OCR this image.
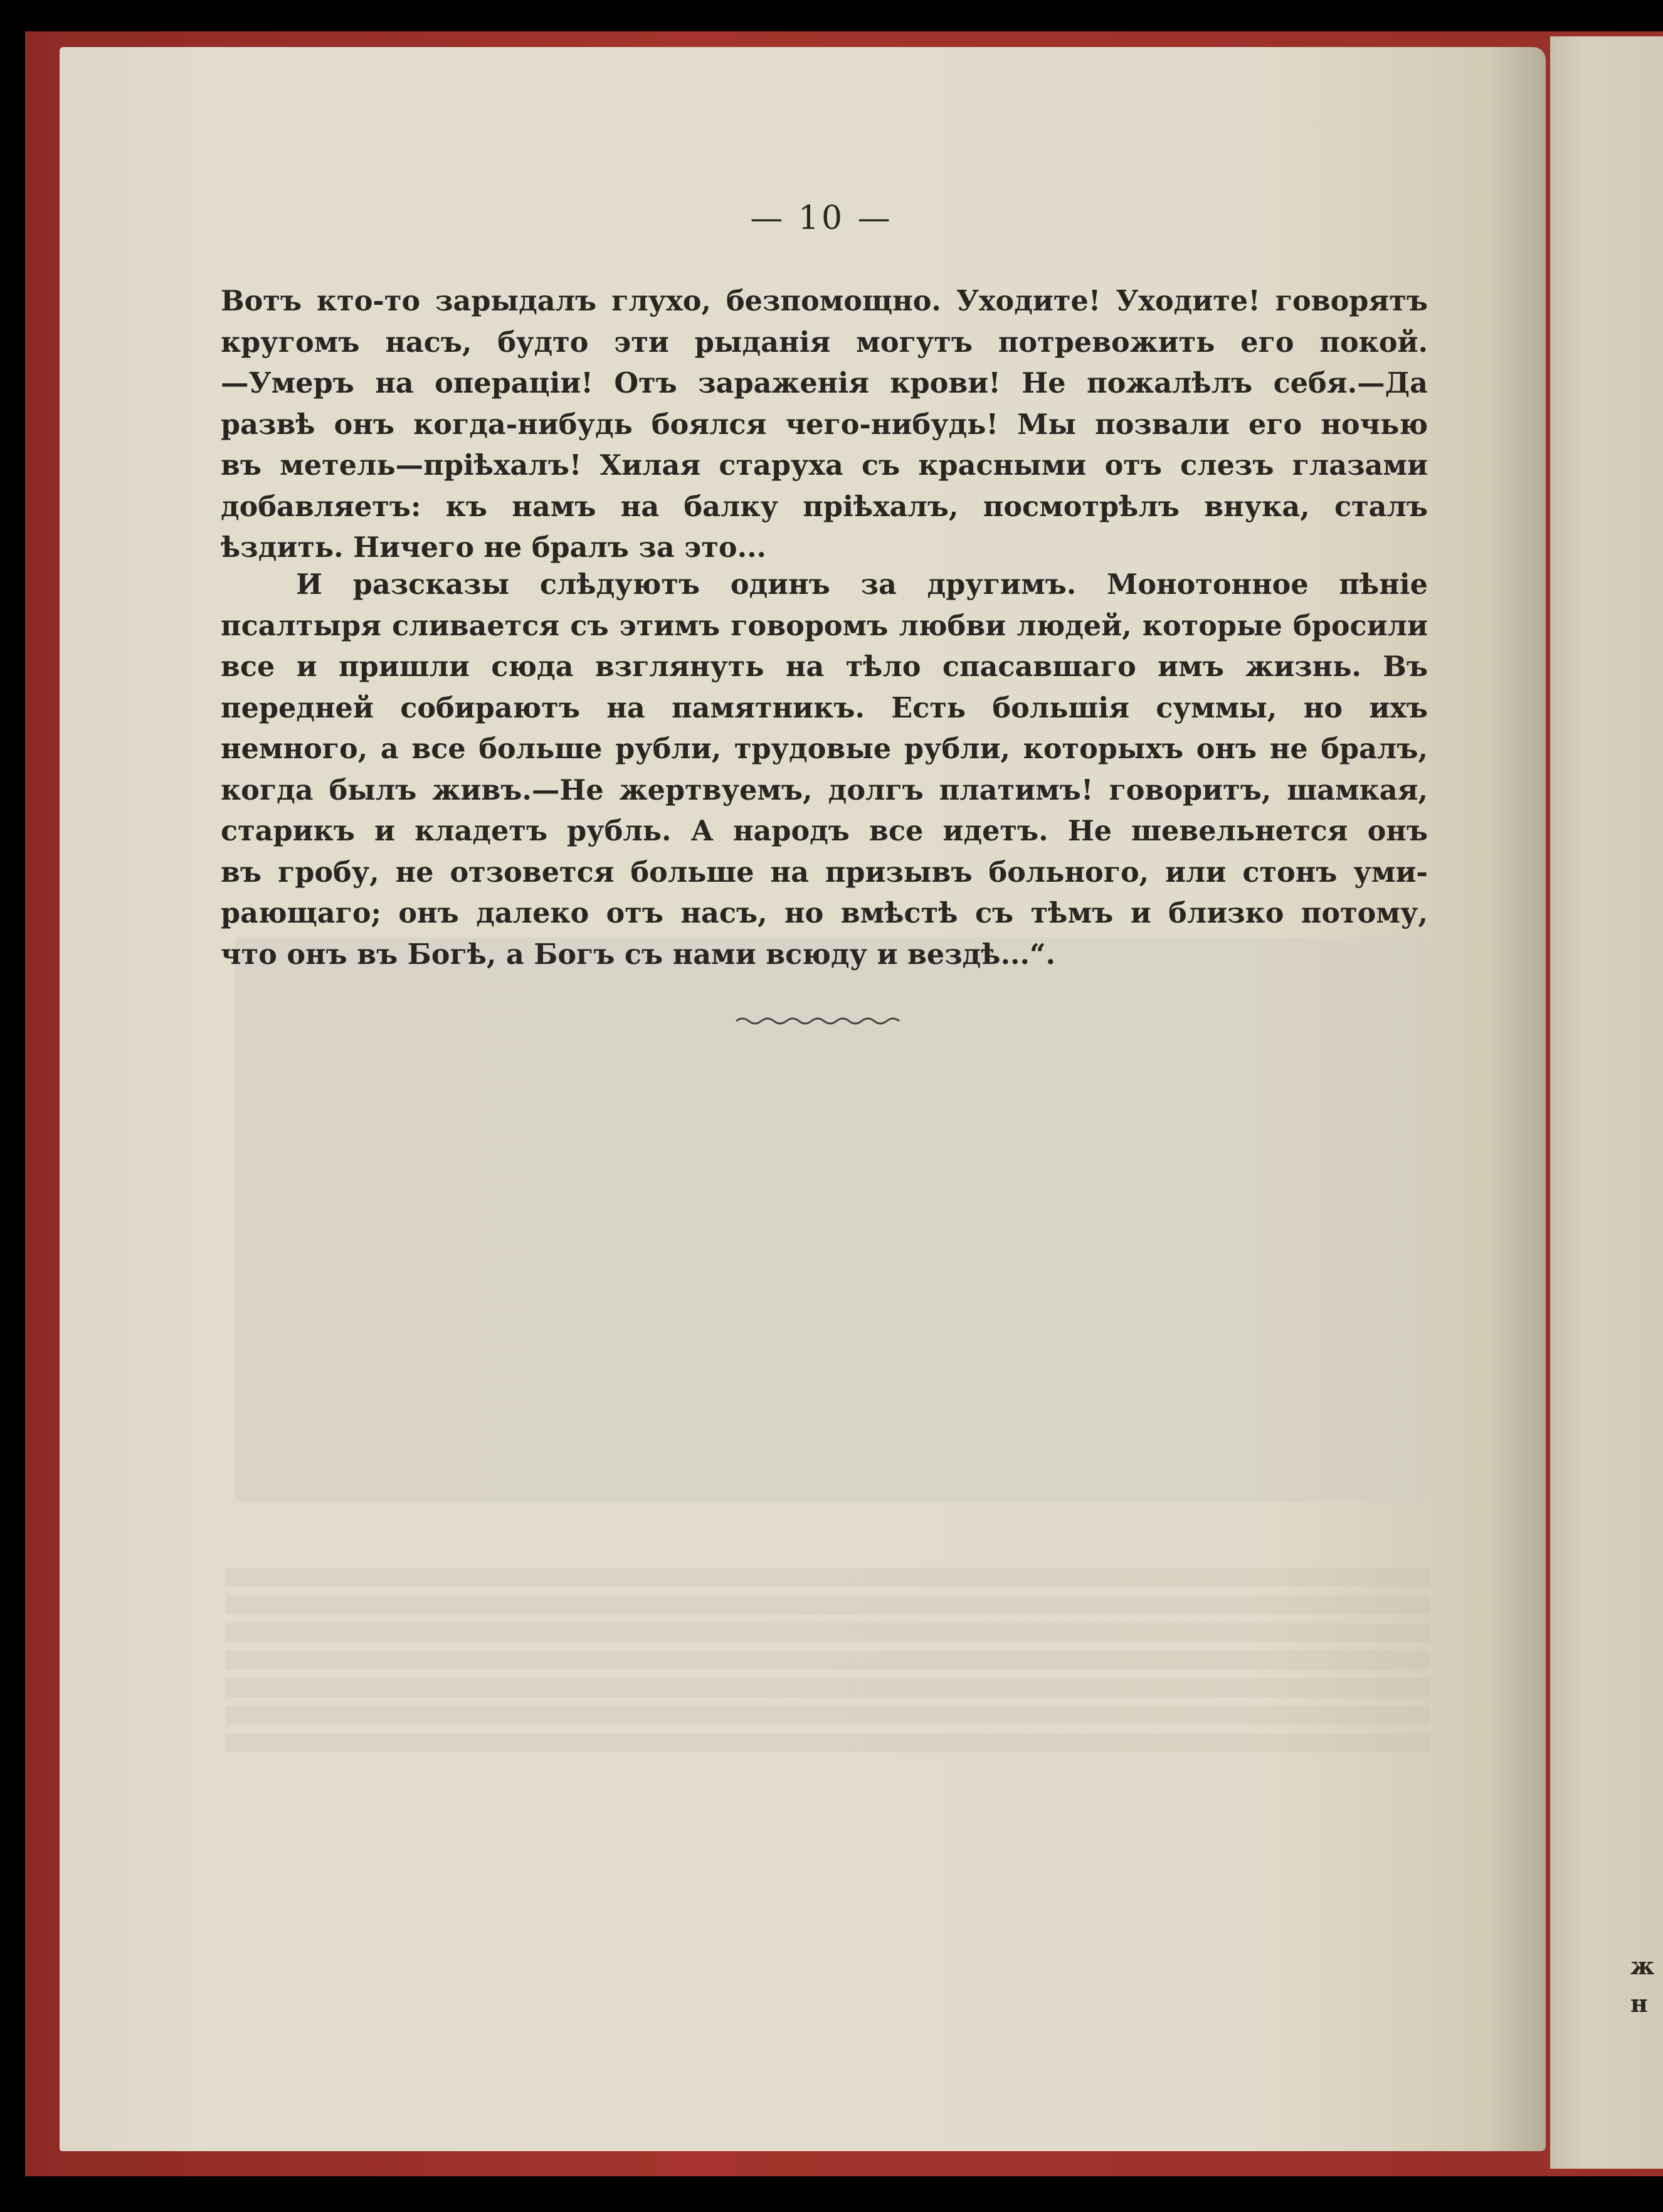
— 10 —
Вотъ кто-то зарыдалъ глухо, безпомощно. Уходите! Уходите! говорятъ
кругомъ насъ, будто эти рыданія могутъ потревожить его покой.
—Умеръ на операціи! Отъ зараженія крови! Не пожалѣлъ себя.—Да
развѣ онъ когда-нибудь боялся чего-нибудь! Мы позвали его ночью
въ метель—пріѣхалъ! Хилая старуха съ красными отъ слезъ глазами
добавляетъ: къ намъ на балку пріѣхалъ, посмотрѣлъ внука, сталъ
ѣздить. Ничего не бралъ за это...
И разсказы слѣдуютъ одинъ за другимъ. Монотонное пѣніе
псалтыря сливается съ этимъ говоромъ любви людей, которые бросили
все и пришли сюда взглянуть на тѣло спасавшаго имъ жизнь. Въ
передней собираютъ на памятникъ. Есть большія суммы, но ихъ
немного, а все больше рубли, трудовые рубли, которыхъ онъ не бралъ,
когда былъ живъ.—Не жертвуемъ, долгъ платимъ! говоритъ, шамкая,
старикъ и кладетъ рубль. А народъ все идетъ. Не шевельнется онъ
въ гробу, не отзовется больше на призывъ больного, или стонъ уми-
рающаго; онъ далеко отъ насъ, но вмѣстѣ съ тѣмъ и близко потому,
что онъ въ Богѣ, а Богъ съ нами всюду и вездѣ...“.
ж
н
